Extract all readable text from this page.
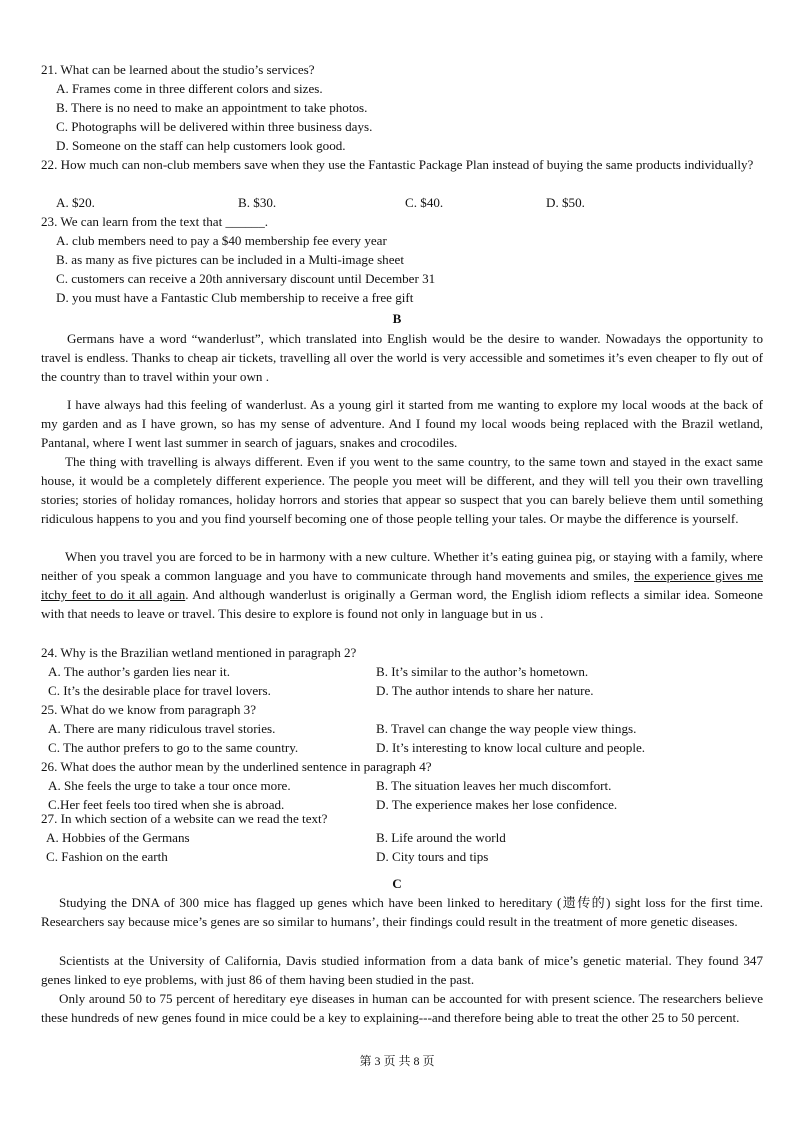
21. What can be learned about the studio’s services?
A. Frames come in three different colors and sizes.
B. There is no need to make an appointment to take photos.
C. Photographs will be delivered within three business days.
D. Someone on the staff can help customers look good.
22. How much can non-club members save when they use the Fantastic Package Plan instead of buying the same products individually?
A. $20.	B. $30.	C. $40.	D. $50.
23. We can learn from the text that ______.
A. club members need to pay a $40 membership fee every year
B. as many as five pictures can be included in a Multi-image sheet
C. customers can receive a 20th anniversary discount until December 31
D. you must have a Fantastic Club membership to receive a free gift
B
Germans have a word “wanderlust”, which translated into English would be the desire to wander. Nowadays the opportunity to travel is endless. Thanks to cheap air tickets, travelling all over the world is very accessible and sometimes it’s even cheaper to fly out of the country than to travel within your own .
I have always had this feeling of wanderlust. As a young girl it started from me wanting to explore my local woods at the back of my garden and as I have grown, so has my sense of adventure. And I found my local woods being replaced with the Brazil wetland, Pantanal, where I went last summer in search of jaguars, snakes and crocodiles.
The thing with travelling is always different. Even if you went to the same country, to the same town and stayed in the exact same house, it would be a completely different experience. The people you meet will be different, and they will tell you their own travelling stories; stories of holiday romances, holiday horrors and stories that appear so suspect that you can barely believe them until something ridiculous happens to you and you find yourself becoming one of those people telling your tales. Or maybe the difference is yourself.
When you travel you are forced to be in harmony with a new culture. Whether it’s eating guinea pig, or staying with a family, where neither of you speak a common language and you have to communicate through hand movements and smiles, the experience gives me itchy feet to do it all again. And although wanderlust is originally a German word, the English idiom reflects a similar idea. Someone with that needs to leave or travel. This desire to explore is found not only in language but in us .
24. Why is the Brazilian wetland mentioned in paragraph 2?
A. The author’s garden lies near it.	B. It’s similar to the author’s hometown.
C. It’s the desirable place for travel lovers.	D. The author intends to share her nature.
25. What do we know from paragraph 3?
A. There are many ridiculous travel stories.	B. Travel can change the way people view things.
C. The author prefers to go to the same country.	D. It’s interesting to know local culture and people.
26. What does the author mean by the underlined sentence in paragraph 4?
A. She feels the urge to take a tour once more.	B. The situation leaves her much discomfort.
C.Her feet feels too tired when she is abroad.	D. The experience makes her lose confidence.
27. In which section of a website can we read the text?
A. Hobbies of the Germans	B. Life around the world
C. Fashion on the earth	D. City tours and tips
C
Studying the DNA of 300 mice has flagged up genes which have been linked to hereditary (遗传的) sight loss for the first time. Researchers say because mice’s genes are so similar to humans’, their findings could result in the treatment of more genetic diseases.
Scientists at the University of California, Davis studied information from a data bank of mice’s genetic material. They found 347 genes linked to eye problems, with just 86 of them having been studied in the past.
Only around 50 to 75 percent of hereditary eye diseases in human can be accounted for with present science. The researchers believe these hundreds of new genes found in mice could be a key to explaining---and therefore being able to treat the other 25 to 50 percent.
第 3 页 共 8 页
